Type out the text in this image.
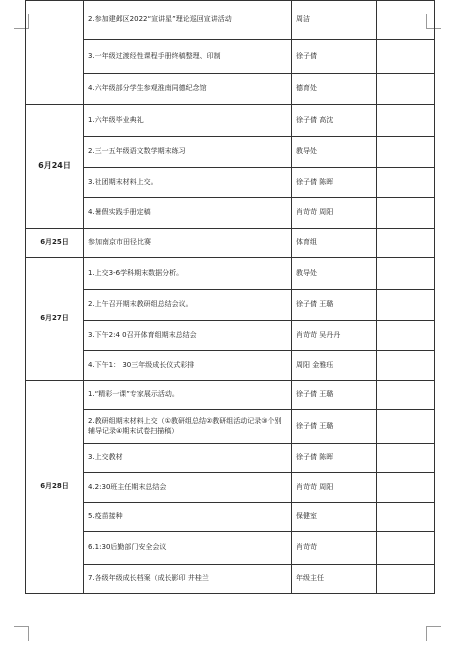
	2.参加建邺区2022“宣讲星”理论巡回宣讲活动	周洁	
	3.一年级过渡经性课程手册终稿整理、印制	徐子倩	
	4.六年级部分学生参观淮南同德纪念馆	德育处	
6月24日	1.六年级毕业典礼	徐子倩 高沈	
	2.三一五年级语文数学期末练习	教导处	
	3.社团期末材料上交。	徐子倩 陈晖	
	4.暑假实践手册定稿	肖苛苛 周阳	
6月25日	参加南京市田径比赛	体育组	
6月27日	1.上交3-6学科期末数据分析。	教导处	
	2.上午召开期末教研组总结会议。	徐子倩 王璐	
	3.下午2:4 0召开体育组期末总结会	肖苛苛 吴丹丹	
	4.下午1： 30三年级成长仪式彩排	周阳 金雅珏	
6月28日	1.“精彩一课”专家展示活动。	徐子倩 王璐	
	2.教研组期末材料上交（①教研组总结②教研组活动记录③个别辅导记录④期末试卷扫描稿）	徐子倩 王璐	
	3.上交教材	徐子倩 陈晖	
	4.2:30班主任期末总结会	肖苛苛 周阳	
	5.疫苗接种	保健室	
	6.1:30后勤部门安全会议	肖苛苛	
	7.各级年级成长档案（成长影印 井桂兰	年级主任	
